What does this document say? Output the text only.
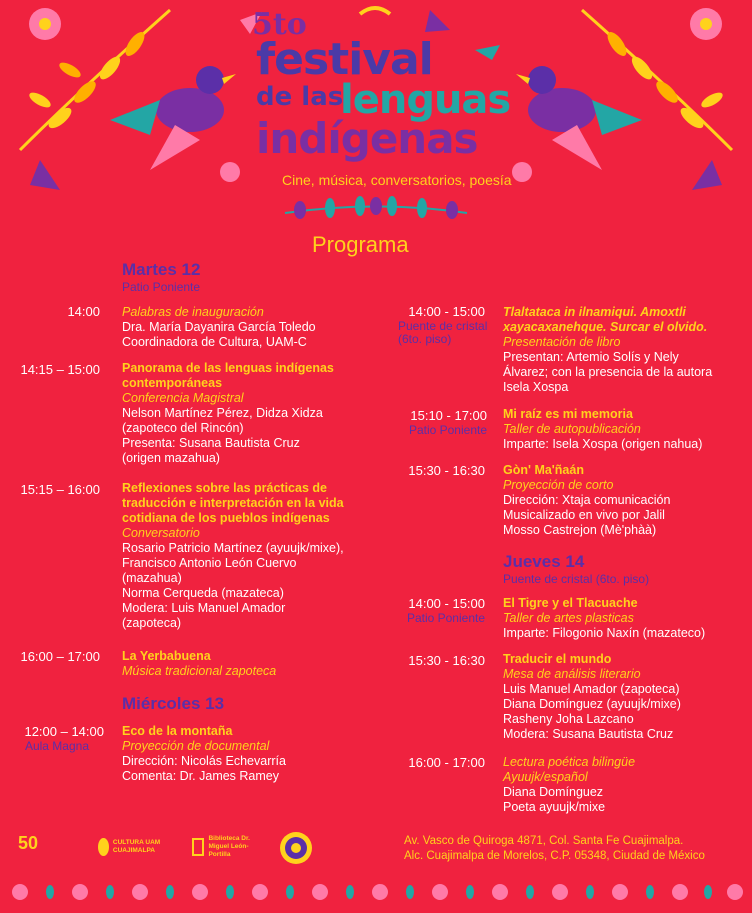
5to
festival
de las
lenguas
indígenas
Cine, música, conversatorios, poesía
Programa
Martes 12
Patio Poniente
14:00 Palabras de inauguración
Dra. María Dayanira García Toledo
Coordinadora de Cultura, UAM-C
14:15 – 15:00 Panorama de las lenguas indígenas contemporáneas
Conferencia Magistral
Nelson Martínez Pérez, Didza Xidza
(zapoteco del Rincón)
Presenta: Susana Bautista Cruz
(origen mazahua)
15:15 – 16:00 Reflexiones sobre las prácticas de traducción e interpretación en la vida cotidiana de los pueblos indígenas
Conversatorio
Rosario Patricio Martínez (ayuujk/mixe),
Francisco Antonio León Cuervo
(mazahua)
Norma Cerqueda (mazateca)
Modera: Luis Manuel Amador
(zapoteca)
16:00 – 17:00 La Yerbabuena
Música tradicional zapoteca
Miércoles 13
12:00 – 14:00
Aula Magna
Eco de la montaña
Proyección de documental
Dirección: Nicolás Echevarría
Comenta: Dr. James Ramey
14:00 - 15:00
Puente de cristal (6to. piso)
Tlaltataca in ilnamiqui. Amoxtli xayacaxanehque. Surcar el olvido.
Presentación de libro
Presentan: Artemio Solís y Nely
Álvarez; con la presencia de la autora
Isela Xospa
15:10 - 17:00
Patio Poniente
Mi raíz es mi memoria
Taller de autopublicación
Imparte: Isela Xospa (origen nahua)
15:30 - 16:30 Gòn' Ma'ñaán
Proyección de corto
Dirección: Xtaja comunicación
Musicalizado en vivo por Jalil
Mosso Castrejon (Mè'phàà)
Jueves 14
Puente de cristal (6to. piso)
14:00 - 15:00
Patio Poniente
El Tigre y el Tlacuache
Taller de artes plasticas
Imparte: Filogonio Naxín (mazateco)
15:30 - 16:30 Traducir el mundo
Mesa de análisis literario
Luis Manuel Amador (zapoteca)
Diana Domínguez (ayuujk/mixe)
Rasheny Joha Lazcano
Modera: Susana Bautista Cruz
16:00 - 17:00 Lectura poética bilingüe
Ayuujk/español
Diana Domínguez
Poeta ayuujk/mixe
50	CULTURA UAM CUAJIMALPA
Biblioteca Dr. Miguel León-Portilla
Av. Vasco de Quiroga 4871, Col. Santa Fe Cuajimalpa.
Alc. Cuajimalpa de Morelos, C.P. 05348, Ciudad de México
